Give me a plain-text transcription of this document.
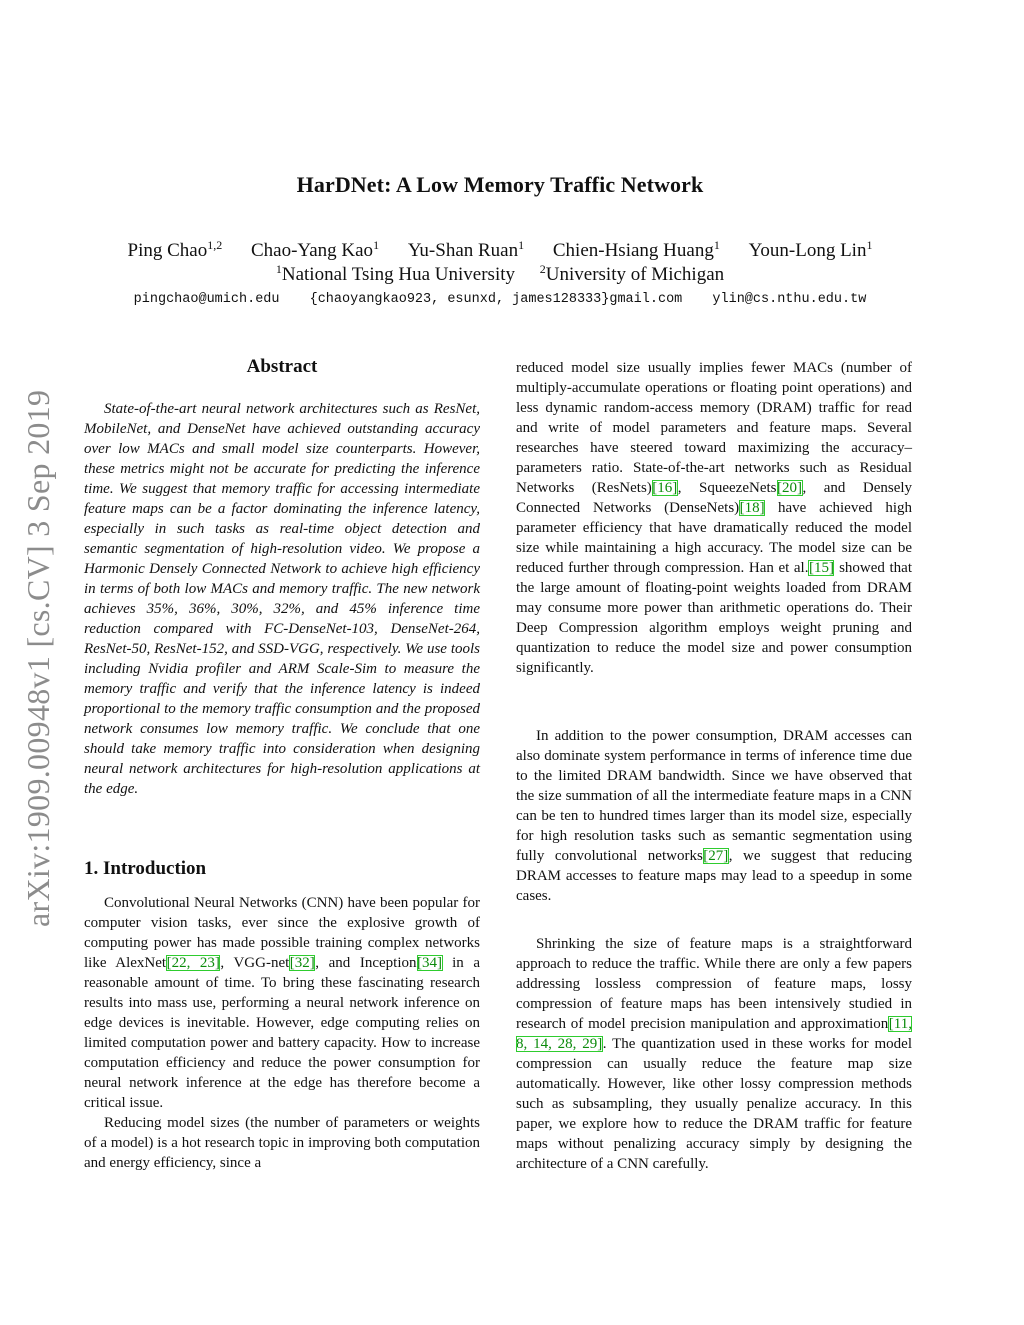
HarDNet: A Low Memory Traffic Network
Ping Chao$^{1,2}$ Chao-Yang Kao$^1$ Yu-Shan Ruan$^1$ Chien-Hsiang Huang$^1$ Youn-Long Lin$^1$
$^1$National Tsing Hua University $^2$University of Michigan
pingchao@umich.edu {chaoyangkao923, esunxd, james128333}gmail.com ylin@cs.nthu.edu.tw
arXiv:1909.00948v1 [cs.CV] 3 Sep 2019
Abstract

State-of-the-art neural network architectures such as ResNet, MobileNet, and DenseNet have achieved outstanding accuracy over low MACs and small model size counterparts. However, these metrics might not be accurate for predicting the inference time. We suggest that memory traffic for accessing intermediate feature maps can be a factor dominating the inference latency, especially in such tasks as real-time object detection and semantic segmentation of high-resolution video. We propose a Harmonic Densely Connected Network to achieve high efficiency in terms of both low MACs and memory traffic. The new network achieves 35%, 36%, 30%, 32%, and 45% inference time reduction compared with FC-DenseNet-103, DenseNet-264, ResNet-50, ResNet-152, and SSD-VGG, respectively. We use tools including Nvidia profiler and ARM Scale-Sim to measure the memory traffic and verify that the inference latency is indeed proportional to the memory traffic consumption and the proposed network consumes low memory traffic. We conclude that one should take memory traffic into consideration when designing neural network architectures for high-resolution applications at the edge.

1. Introduction

Convolutional Neural Networks (CNN) have been popular for computer vision tasks, ever since the explosive growth of computing power has made possible training complex networks like AlexNet[22, 23], VGG-net[32], and Inception[34] in a reasonable amount of time. To bring these fascinating research results into mass use, performing a neural network inference on edge devices is inevitable. However, edge computing relies on limited computation power and battery capacity. How to increase computation efficiency and reduce the power consumption for neural network inference at the edge has therefore become a critical issue.

Reducing model sizes (the number of parameters or weights of a model) is a hot research topic in improving both computation and energy efficiency, since a

reduced model size usually implies fewer MACs (number of multiply-accumulate operations or floating point operations) and less dynamic random-access memory (DRAM) traffic for read and write of model parameters and feature maps. Several researches have steered toward maximizing the accuracy–parameters ratio. State-of-the-art networks such as Residual Networks (ResNets)[16], SqueezeNets[20], and Densely Connected Networks (DenseNets)[18] have achieved high parameter efficiency that have dramatically reduced the model size while maintaining a high accuracy. The model size can be reduced further through compression. Han et al.[15] showed that the large amount of floating-point weights loaded from DRAM may consume more power than arithmetic operations do. Their Deep Compression algorithm employs weight pruning and quantization to reduce the model size and power consumption significantly.

In addition to the power consumption, DRAM accesses can also dominate system performance in terms of inference time due to the limited DRAM bandwidth. Since we have observed that the size summation of all the intermediate feature maps in a CNN can be ten to hundred times larger than its model size, especially for high resolution tasks such as semantic segmentation using fully convolutional networks[27], we suggest that reducing DRAM accesses to feature maps may lead to a speedup in some cases.

Shrinking the size of feature maps is a straightforward approach to reduce the traffic. While there are only a few papers addressing lossless compression of feature maps, lossy compression of feature maps has been intensively studied in research of model precision manipulation and approximation[11, 8, 14, 28, 29]. The quantization used in these works for model compression can usually reduce the feature map size automatically. However, like other lossy compression methods such as subsampling, they usually penalize accuracy. In this paper, we explore how to reduce the DRAM traffic for feature maps without penalizing accuracy simply by designing the architecture of a CNN carefully.
